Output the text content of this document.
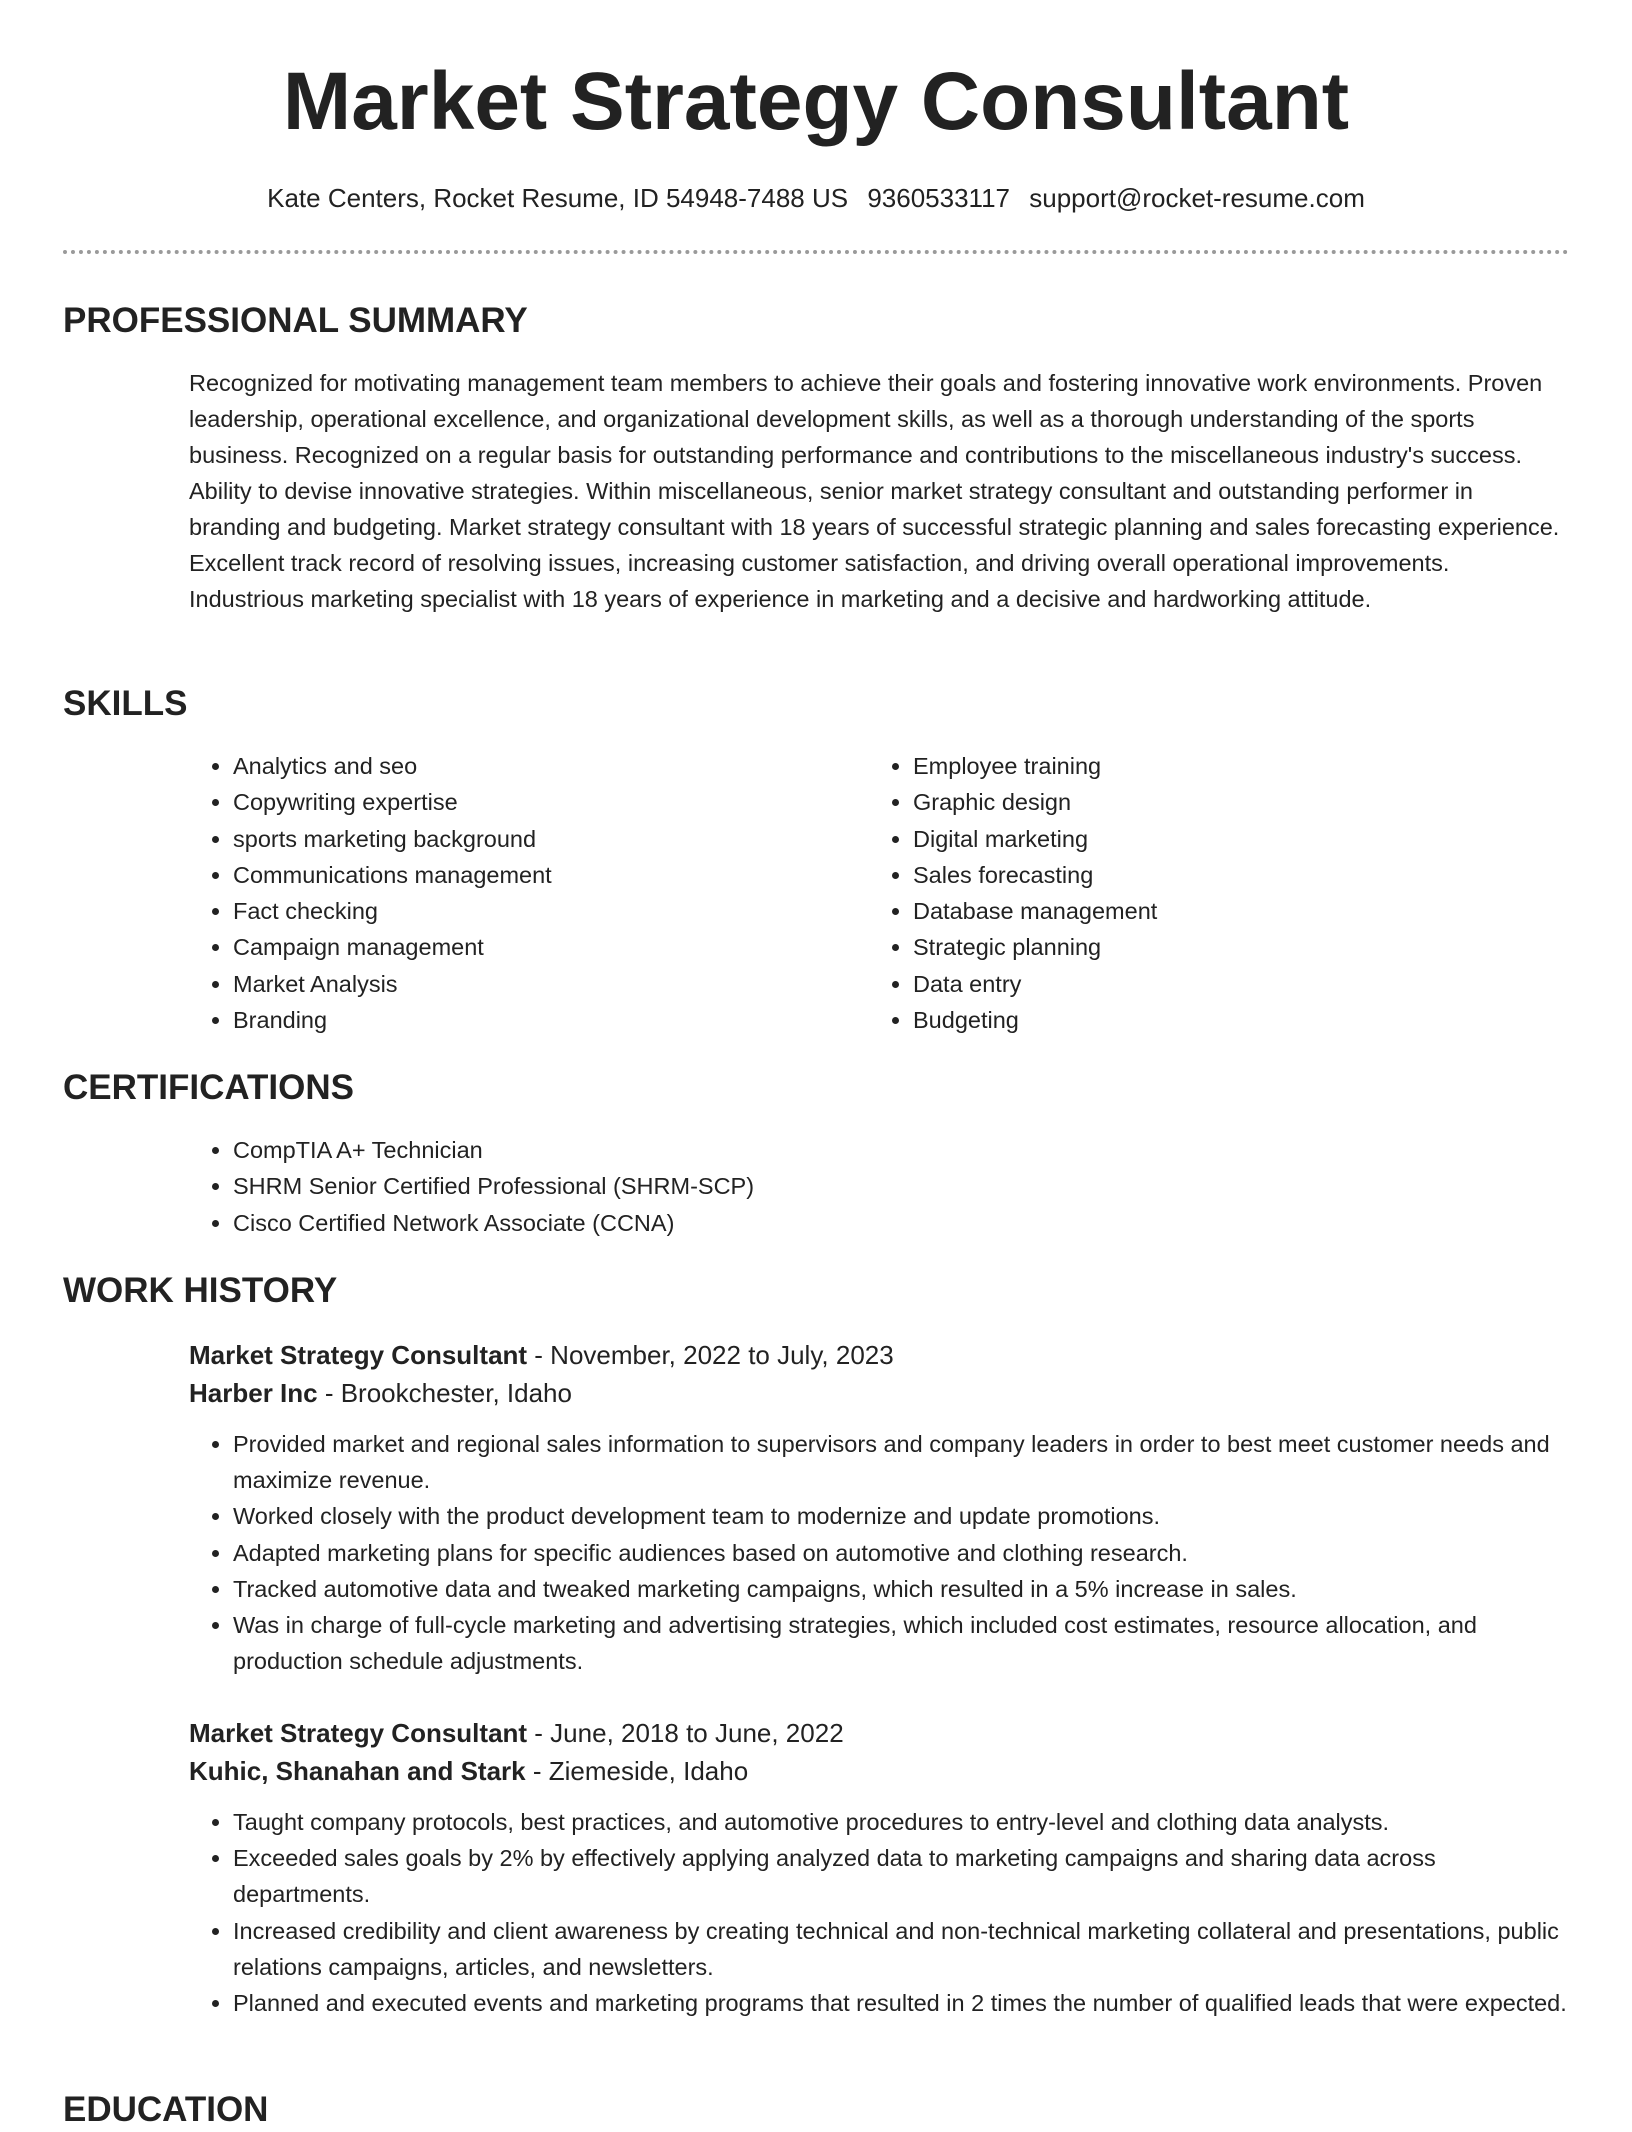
Market Strategy Consultant
Kate Centers, Rocket Resume, ID 54948-7488 US 9360533117 support@rocket-resume.com
PROFESSIONAL SUMMARY

Recognized for motivating management team members to achieve their goals and fostering innovative work environments. Proven leadership, operational excellence, and organizational development skills, as well as a thorough understanding of the sports business. Recognized on a regular basis for outstanding performance and contributions to the miscellaneous industry's success. Ability to devise innovative strategies. Within miscellaneous, senior market strategy consultant and outstanding performer in branding and budgeting. Market strategy consultant with 18 years of successful strategic planning and sales forecasting experience. Excellent track record of resolving issues, increasing customer satisfaction, and driving overall operational improvements. Industrious marketing specialist with 18 years of experience in marketing and a decisive and hardworking attitude.

SKILLS
• Analytics and seo
• Copywriting expertise
• sports marketing background
• Communications management
• Fact checking
• Campaign management
• Market Analysis
• Branding
• Employee training
• Graphic design
• Digital marketing
• Sales forecasting
• Database management
• Strategic planning
• Data entry
• Budgeting
CERTIFICATIONS
• CompTIA A+ Technician
• SHRM Senior Certified Professional (SHRM-SCP)
• Cisco Certified Network Associate (CCNA)
WORK HISTORY

Market Strategy Consultant - November, 2022 to July, 2023

Harber Inc - Brookchester, Idaho

• Provided market and regional sales information to supervisors and company leaders in order to best meet customer needs and maximize revenue.
• Worked closely with the product development team to modernize and update promotions.
• Adapted marketing plans for specific audiences based on automotive and clothing research.
• Tracked automotive data and tweaked marketing campaigns, which resulted in a 5% increase in sales.
• Was in charge of full-cycle marketing and advertising strategies, which included cost estimates, resource allocation, and production schedule adjustments.

Market Strategy Consultant - June, 2018 to June, 2022

Kuhic, Shanahan and Stark - Ziemeside, Idaho

• Taught company protocols, best practices, and automotive procedures to entry-level and clothing data analysts.
• Exceeded sales goals by 2% by effectively applying analyzed data to marketing campaigns and sharing data across departments.
• Increased credibility and client awareness by creating technical and non-technical marketing collateral and presentations, public relations campaigns, articles, and newsletters.
• Planned and executed events and marketing programs that resulted in 2 times the number of qualified leads that were expected.
EDUCATION
